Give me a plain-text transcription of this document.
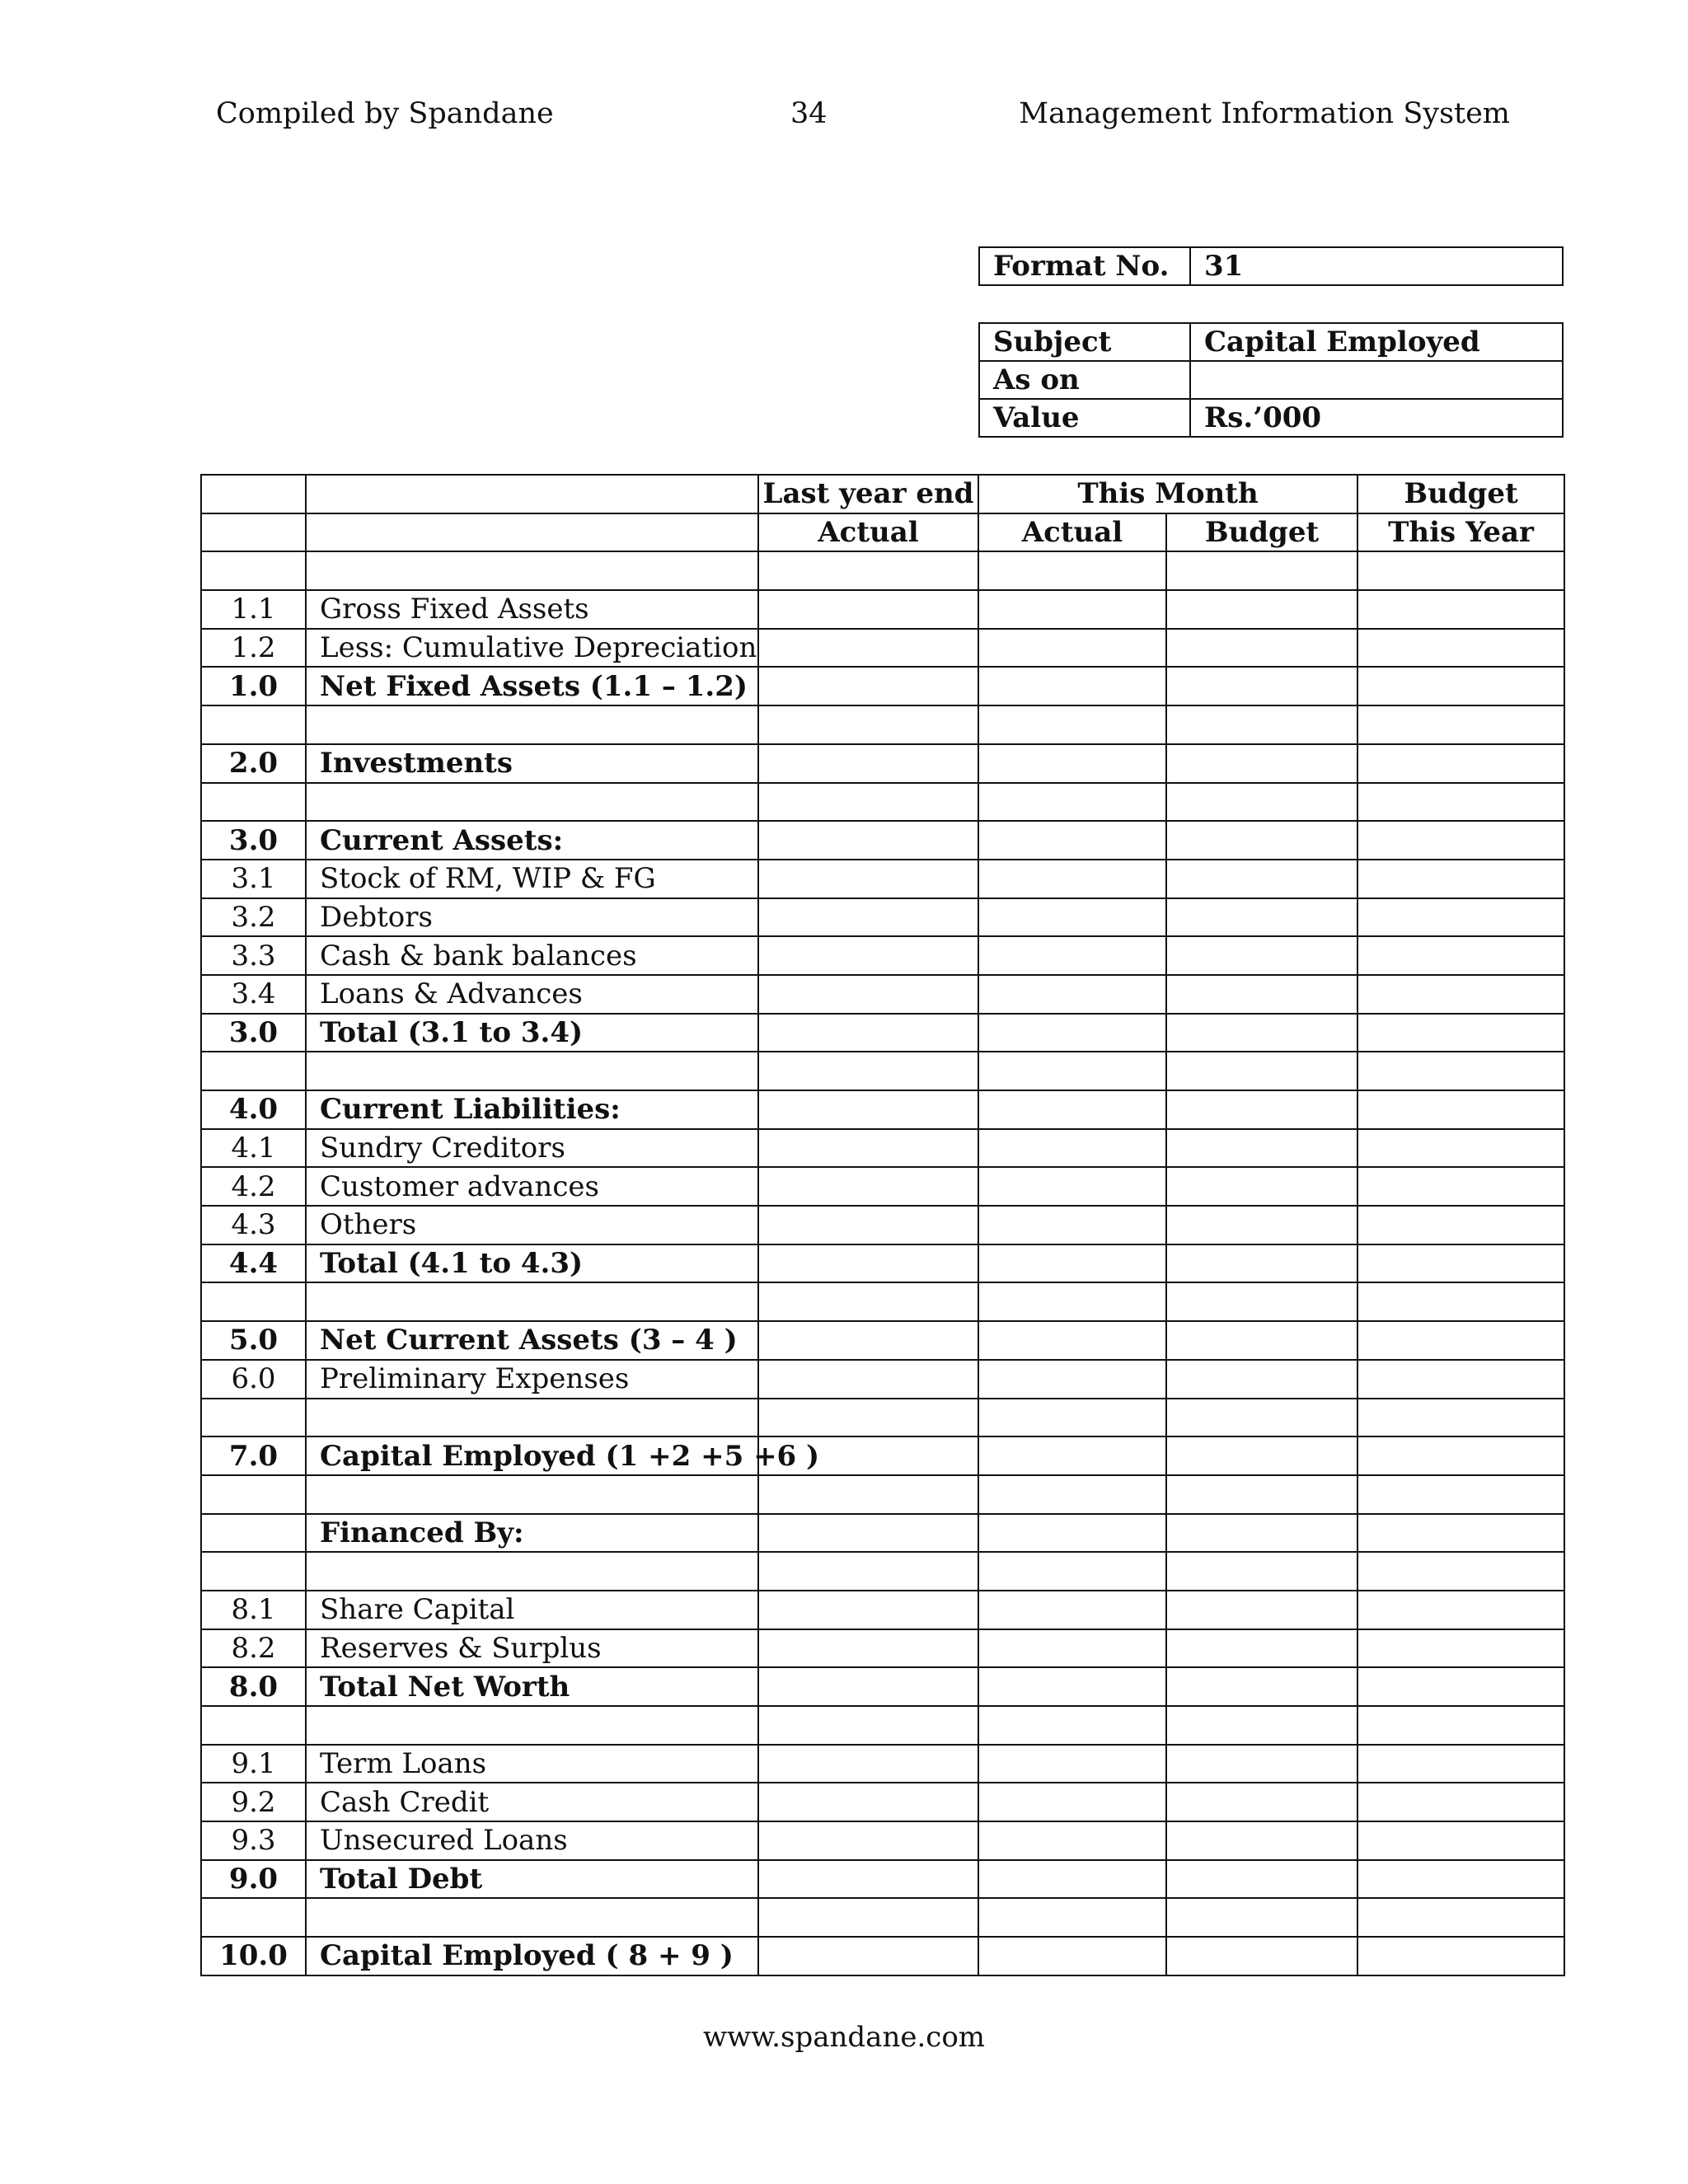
Compiled by Spandane	34	Management Information System
Format No.	31
Subject	Capital Employed
As on	
Value	Rs.’000
		Last year end	This Month		Budget
		Actual	Actual	Budget	This Year

1.1	Gross Fixed Assets				
1.2	Less: Cumulative Depreciation				
1.0	Net Fixed Assets (1.1 – 1.2)				

2.0	Investments				

3.0	Current Assets:				
3.1	Stock of RM, WIP & FG				
3.2	Debtors				
3.3	Cash & bank balances				
3.4	Loans & Advances				
3.0	Total (3.1 to 3.4)				

4.0	Current Liabilities:				
4.1	Sundry Creditors				
4.2	Customer advances				
4.3	Others				
4.4	Total (4.1 to 4.3)				

5.0	Net Current Assets (3 – 4 )				
6.0	Preliminary Expenses				

7.0	Capital Employed (1 +2 +5 +6 )				

	Financed By:				

8.1	Share Capital				
8.2	Reserves & Surplus				
8.0	Total Net Worth				

9.1	Term Loans				
9.2	Cash Credit				
9.3	Unsecured Loans				
9.0	Total Debt				

10.0	Capital Employed ( 8 + 9 )				
www.spandane.com
